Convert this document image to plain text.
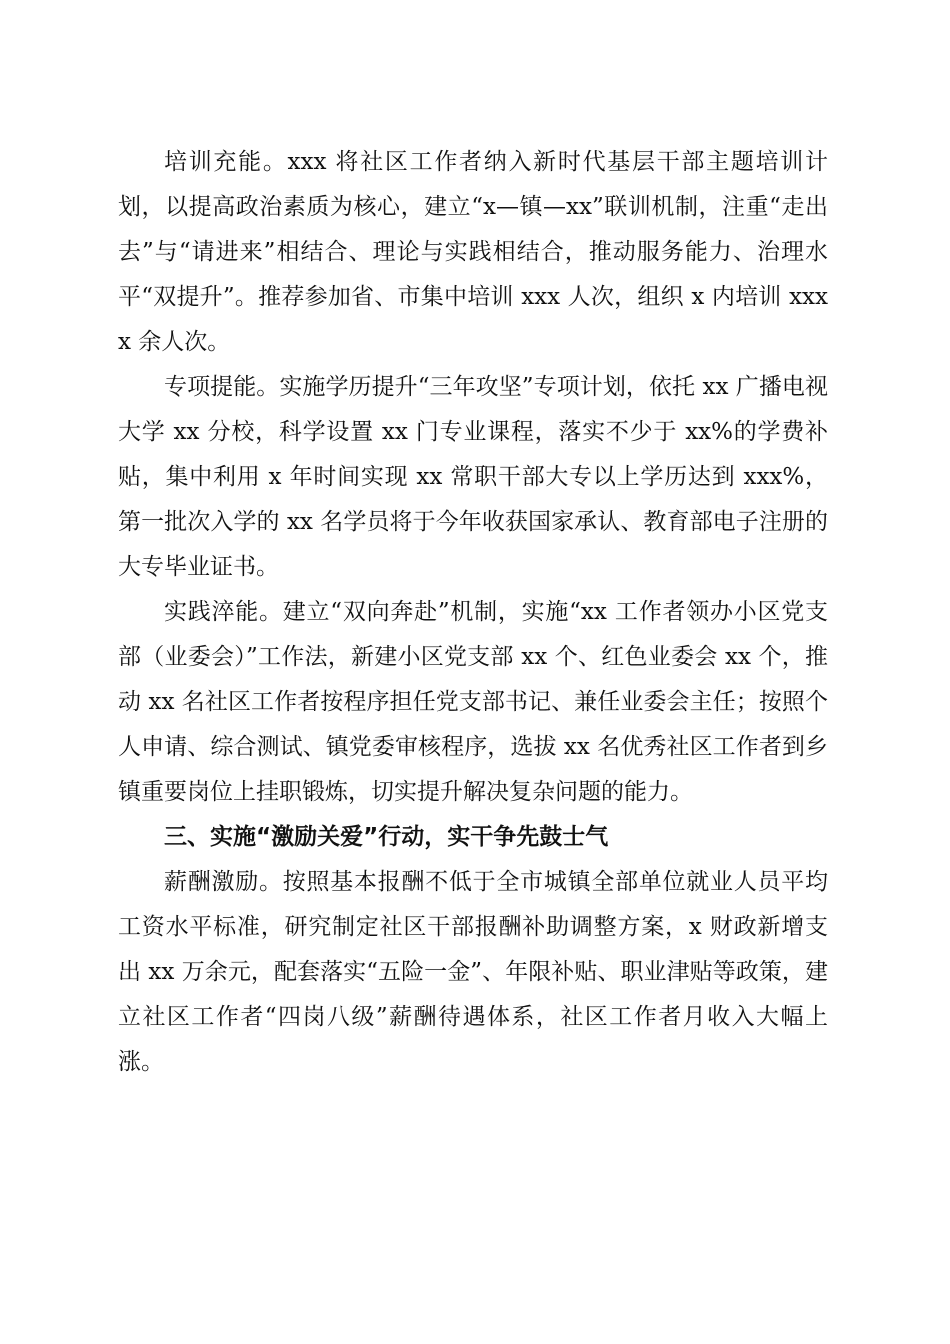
培训充能。xxx 将社区工作者纳入新时代基层干部主题培训计划，以提高政治素质为核心，建立“x—镇—xx”联训机制，注重“走出去”与“请进来”相结合、理论与实践相结合，推动服务能力、治理水平“双提升”。推荐参加省、市集中培训 xxx 人次，组织 x 内培训 xxxx 余人次。

专项提能。实施学历提升“三年攻坚”专项计划，依托 xx 广播电视大学 xx 分校，科学设置 xx 门专业课程，落实不少于 xx%的学费补贴，集中利用 x 年时间实现 xx 常职干部大专以上学历达到 xxx%，第一批次入学的 xx 名学员将于今年收获国家承认、教育部电子注册的大专毕业证书。

实践淬能。建立“双向奔赴”机制，实施“xx 工作者领办小区党支部（业委会）”工作法，新建小区党支部 xx 个、红色业委会 xx 个，推动 xx 名社区工作者按程序担任党支部书记、兼任业委会主任；按照个人申请、综合测试、镇党委审核程序，选拔 xx 名优秀社区工作者到乡镇重要岗位上挂职锻炼，切实提升解决复杂问题的能力。

三、实施“激励关爱”行动，实干争先鼓士气

薪酬激励。按照基本报酬不低于全市城镇全部单位就业人员平均工资水平标准，研究制定社区干部报酬补助调整方案，x 财政新增支出 xx 万余元，配套落实“五险一金”、年限补贴、职业津贴等政策，建立社区工作者“四岗八级”薪酬待遇体系，社区工作者月收入大幅上涨。
